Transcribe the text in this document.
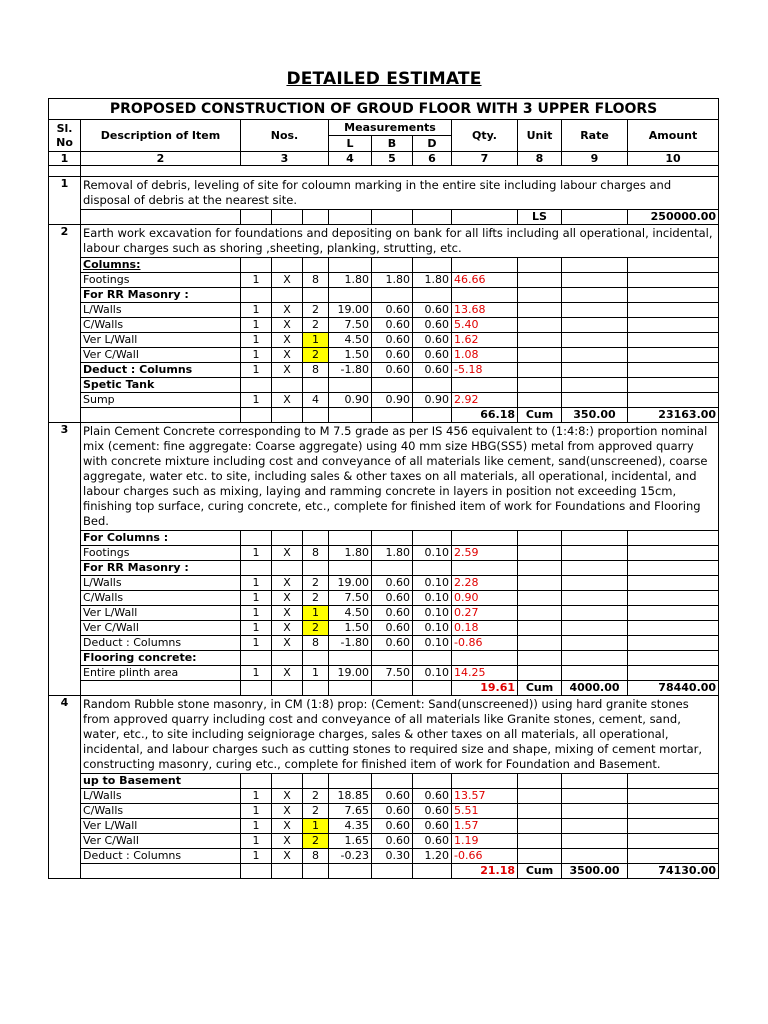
DETAILED ESTIMATE
PROPOSED CONSTRUCTION OF GROUD FLOOR WITH 3 UPPER FLOORS											
Sl. No	Description of Item	Nos.			Measurements			Qty.	Unit	Rate	Amount
					L	B	D				
1	2	3			4	5	6	7	8	9	10

1	Removal of debris, leveling of site for coloumn marking in the entire site including labour charges and disposal of debris at the nearest site.										
									LS		250000.00
2	Earth work excavation for foundations and depositing on bank for all lifts including all operational, incidental, labour charges such as shoring ,sheeting, planking, strutting, etc.										
	Columns:										
	Footings	1	X	8	1.80	1.80	1.80	46.66			
	For RR Masonry :										
	L/Walls	1	X	2	19.00	0.60	0.60	13.68			
	C/Walls	1	X	2	7.50	0.60	0.60	5.40			
	Ver L/Wall	1	X	1	4.50	0.60	0.60	1.62			
	Ver C/Wall	1	X	2	1.50	0.60	0.60	1.08			
	Deduct : Columns	1	X	8	-1.80	0.60	0.60	-5.18			
	Spetic Tank										
	Sump	1	X	4	0.90	0.90	0.90	2.92			
								66.18	Cum	350.00	23163.00
3	Plain Cement Concrete corresponding to M 7.5 grade as per IS 456 equivalent to (1:4:8:) proportion nominal mix (cement: fine aggregate: Coarse aggregate) using 40 mm size HBG(SS5) metal from approved quarry with concrete mixture including cost and conveyance of all materials like cement, sand(unscreened), coarse aggregate, water etc. to site, including sales & other taxes on all materials, all operational, incidental, and labour charges such as mixing, laying and ramming concrete in layers in position not exceeding 15cm, finishing top surface, curing concrete, etc., complete for finished item of work for Foundations and Flooring Bed.										
	For Columns :										
	Footings	1	X	8	1.80	1.80	0.10	2.59			
	For RR Masonry :										
	L/Walls	1	X	2	19.00	0.60	0.10	2.28			
	C/Walls	1	X	2	7.50	0.60	0.10	0.90			
	Ver L/Wall	1	X	1	4.50	0.60	0.10	0.27			
	Ver C/Wall	1	X	2	1.50	0.60	0.10	0.18			
	Deduct : Columns	1	X	8	-1.80	0.60	0.10	-0.86			
	Flooring concrete:										
	Entire plinth area	1	X	1	19.00	7.50	0.10	14.25			
								19.61	Cum	4000.00	78440.00
4	Random Rubble stone masonry, in CM (1:8) prop: (Cement: Sand(unscreened)) using hard granite stones from approved quarry including cost and conveyance of all materials like Granite stones, cement, sand, water, etc., to site including seigniorage charges, sales & other taxes on all materials, all operational, incidental, and labour charges such as cutting stones to required size and shape, mixing of cement mortar, constructing masonry, curing etc., complete for finished item of work for Foundation and Basement.										
	up to Basement										
	L/Walls	1	X	2	18.85	0.60	0.60	13.57			
	C/Walls	1	X	2	7.65	0.60	0.60	5.51			
	Ver L/Wall	1	X	1	4.35	0.60	0.60	1.57			
	Ver C/Wall	1	X	2	1.65	0.60	0.60	1.19			
	Deduct : Columns	1	X	8	-0.23	0.30	1.20	-0.66			
								21.18	Cum	3500.00	74130.00
